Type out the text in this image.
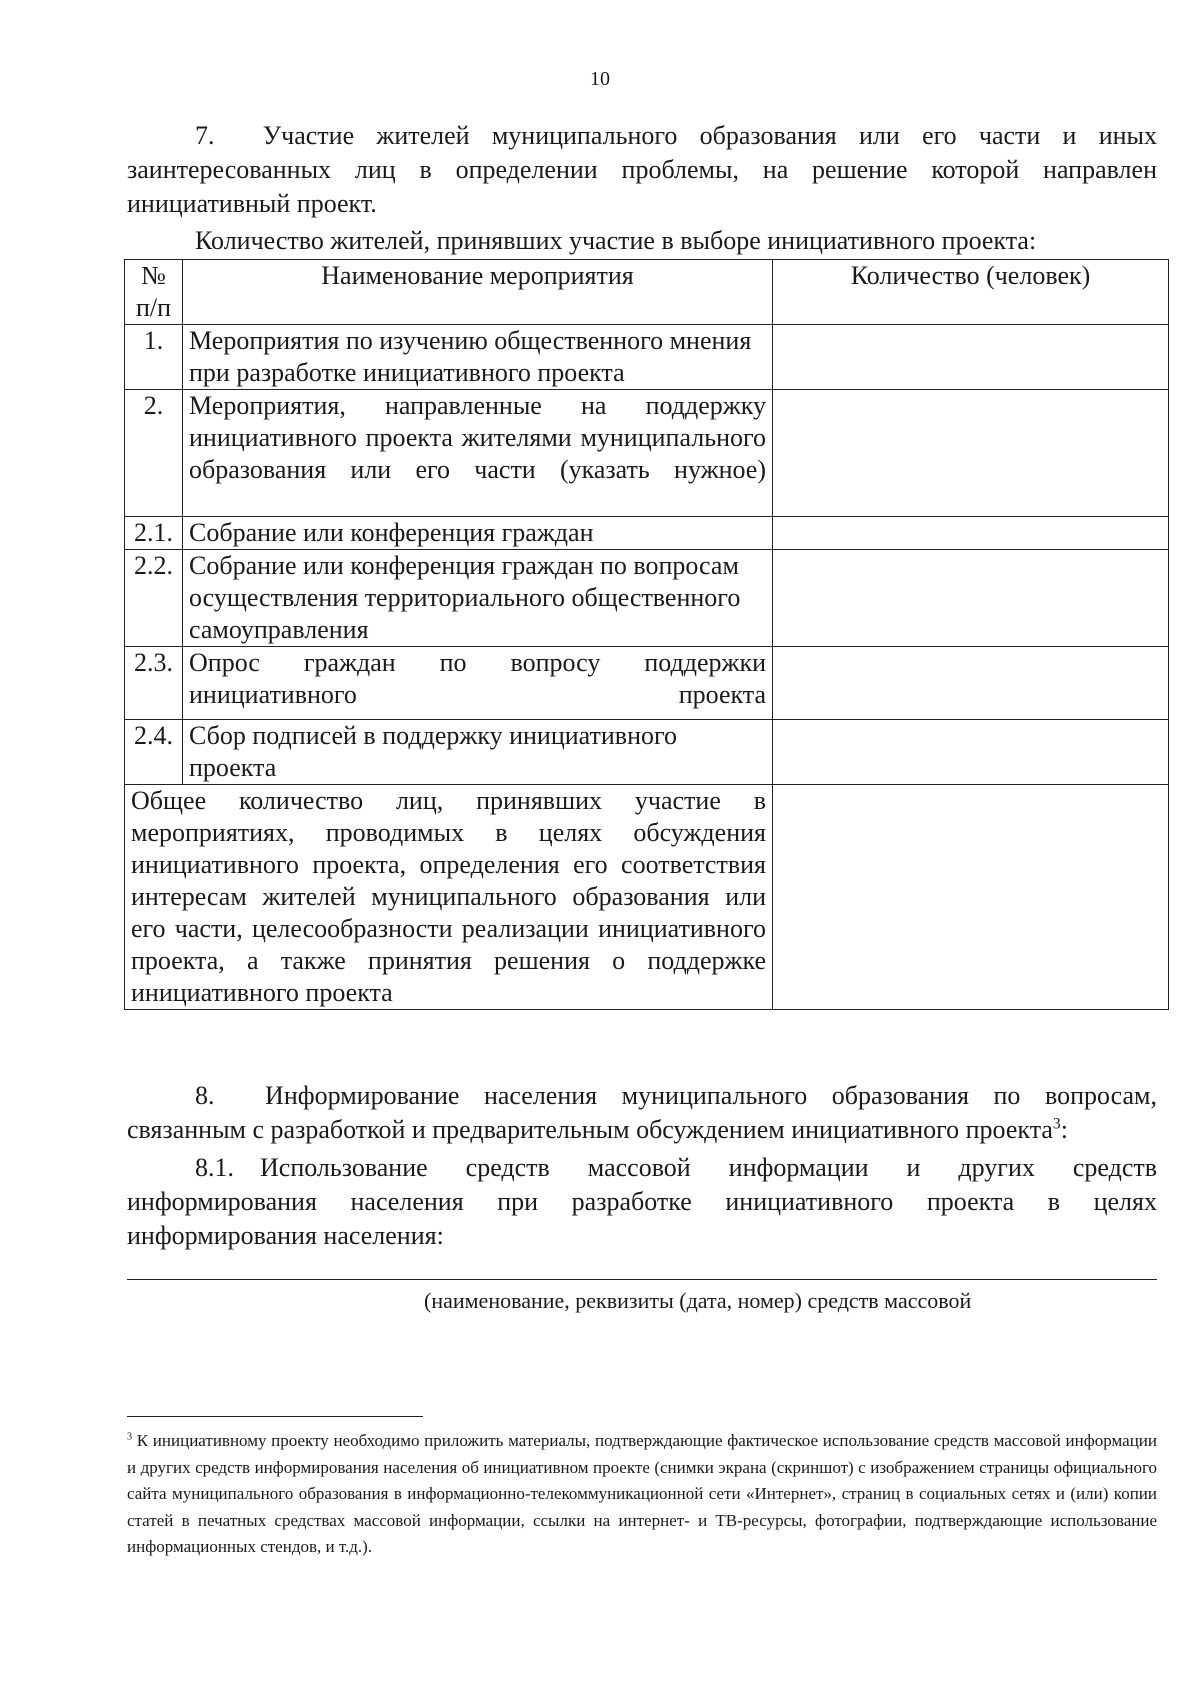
10

7.  Участие жителей муниципального образования или его части и иных заинтересованных лиц в определении проблемы, на решение которой направлен инициативный проект.

Количество жителей, принявших участие в выборе инициативного проекта:
№ п/п	Наименование мероприятия	Количество (человек)
1.	Мероприятия по изучению общественного мнения при разработке инициативного проекта	
2.	Мероприятия, направленные на поддержку инициативного проекта жителями муниципального образования или его части (указать нужное)	
2.1.	Собрание или конференция граждан	
2.2.	Собрание или конференция граждан по вопросам осуществления территориального общественного самоуправления	
2.3.	Опрос граждан по вопросу поддержки инициативного проекта	
2.4.	Сбор подписей в поддержку инициативного проекта	
Общее количество лиц, принявших участие в мероприятиях, проводимых в целях обсуждения инициативного проекта, определения его соответствия интересам жителей муниципального образования или его части, целесообразности реализации инициативного проекта, а также принятия решения о поддержке инициативного проекта		

8.  Информирование населения муниципального образования по вопросам, связанным с разработкой и предварительным обсуждением инициативного проекта$^3$:

8.1. Использование средств массовой информации и других средств информирования населения при разработке инициативного проекта в целях информирования населения:

(наименование, реквизиты (дата, номер) средств массовой

$^3$ К инициативному проекту необходимо приложить материалы, подтверждающие фактическое использование средств массовой информации и других средств информирования населения об инициативном проекте (снимки экрана (скриншот) с изображением страницы официального сайта муниципального образования в информационно-телекоммуникационной сети «Интернет», страниц в социальных сетях и (или) копии статей в печатных средствах массовой информации, ссылки на интернет- и ТВ-ресурсы, фотографии, подтверждающие использование информационных стендов, и т.д.).
